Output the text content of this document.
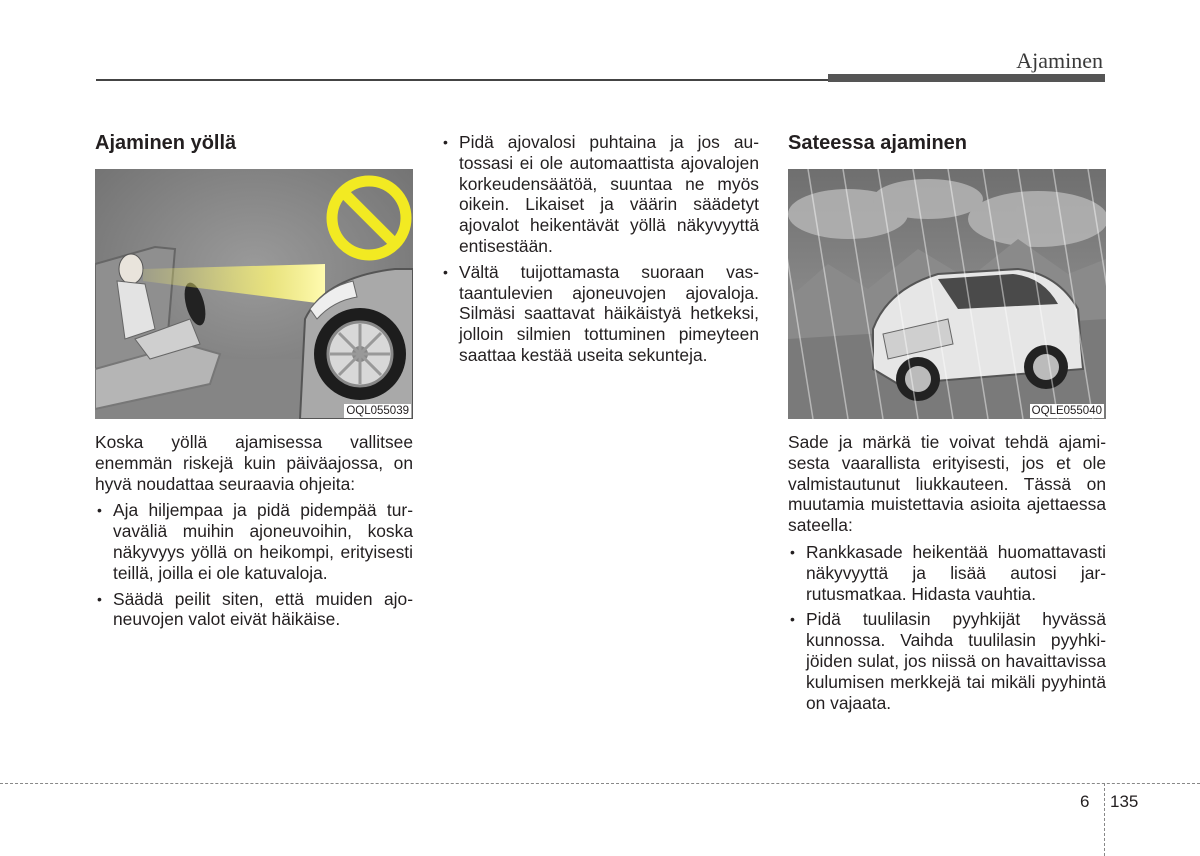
Ajaminen
Ajaminen yöllä
OQL055039

Koska yöllä ajamisessa vallitsee enemmän riskejä kuin päiväajossa, on hyvä noudattaa seuraavia ohjeita:

• Aja hiljempaa ja pidä pidempää turvaväliä muihin ajoneuvoihin, koska näkyvyys yöllä on heikompi, erityisesti teillä, joilla ei ole katuvaloja.
• Säädä peilit siten, että muiden ajoneuvojen valot eivät häikäise.
• Pidä ajovalosi puhtaina ja jos autossasi ei ole automaattista ajovalojen korkeudensäätöä, suuntaa ne myös oikein. Likaiset ja väärin säädetyt ajovalot heikentävät yöllä näkyvyyttä entisestään.
• Vältä tuijottamasta suoraan vastaantulevien ajoneuvojen ajovaloja. Silmäsi saattavat häikäistyä hetkeksi, jolloin silmien tottuminen pimeyteen saattaa kestää useita sekunteja.
Sateessa ajaminen
OQLE055040

Sade ja märkä tie voivat tehdä ajamisesta vaarallista erityisesti, jos et ole valmistautunut liukkauteen. Tässä on muutamia muistettavia asioita ajettaessa sateella:

• Rankkasade heikentää huomattavasti näkyvyyttä ja lisää autosi jarrutusmatkaa. Hidasta vauhtia.
• Pidä tuulilasin pyyhkijät hyvässä kunnossa. Vaihda tuulilasin pyyhkijöiden sulat, jos niissä on havaittavissa kulumisen merkkejä tai mikäli pyyhintä on vajaata.
6 135
